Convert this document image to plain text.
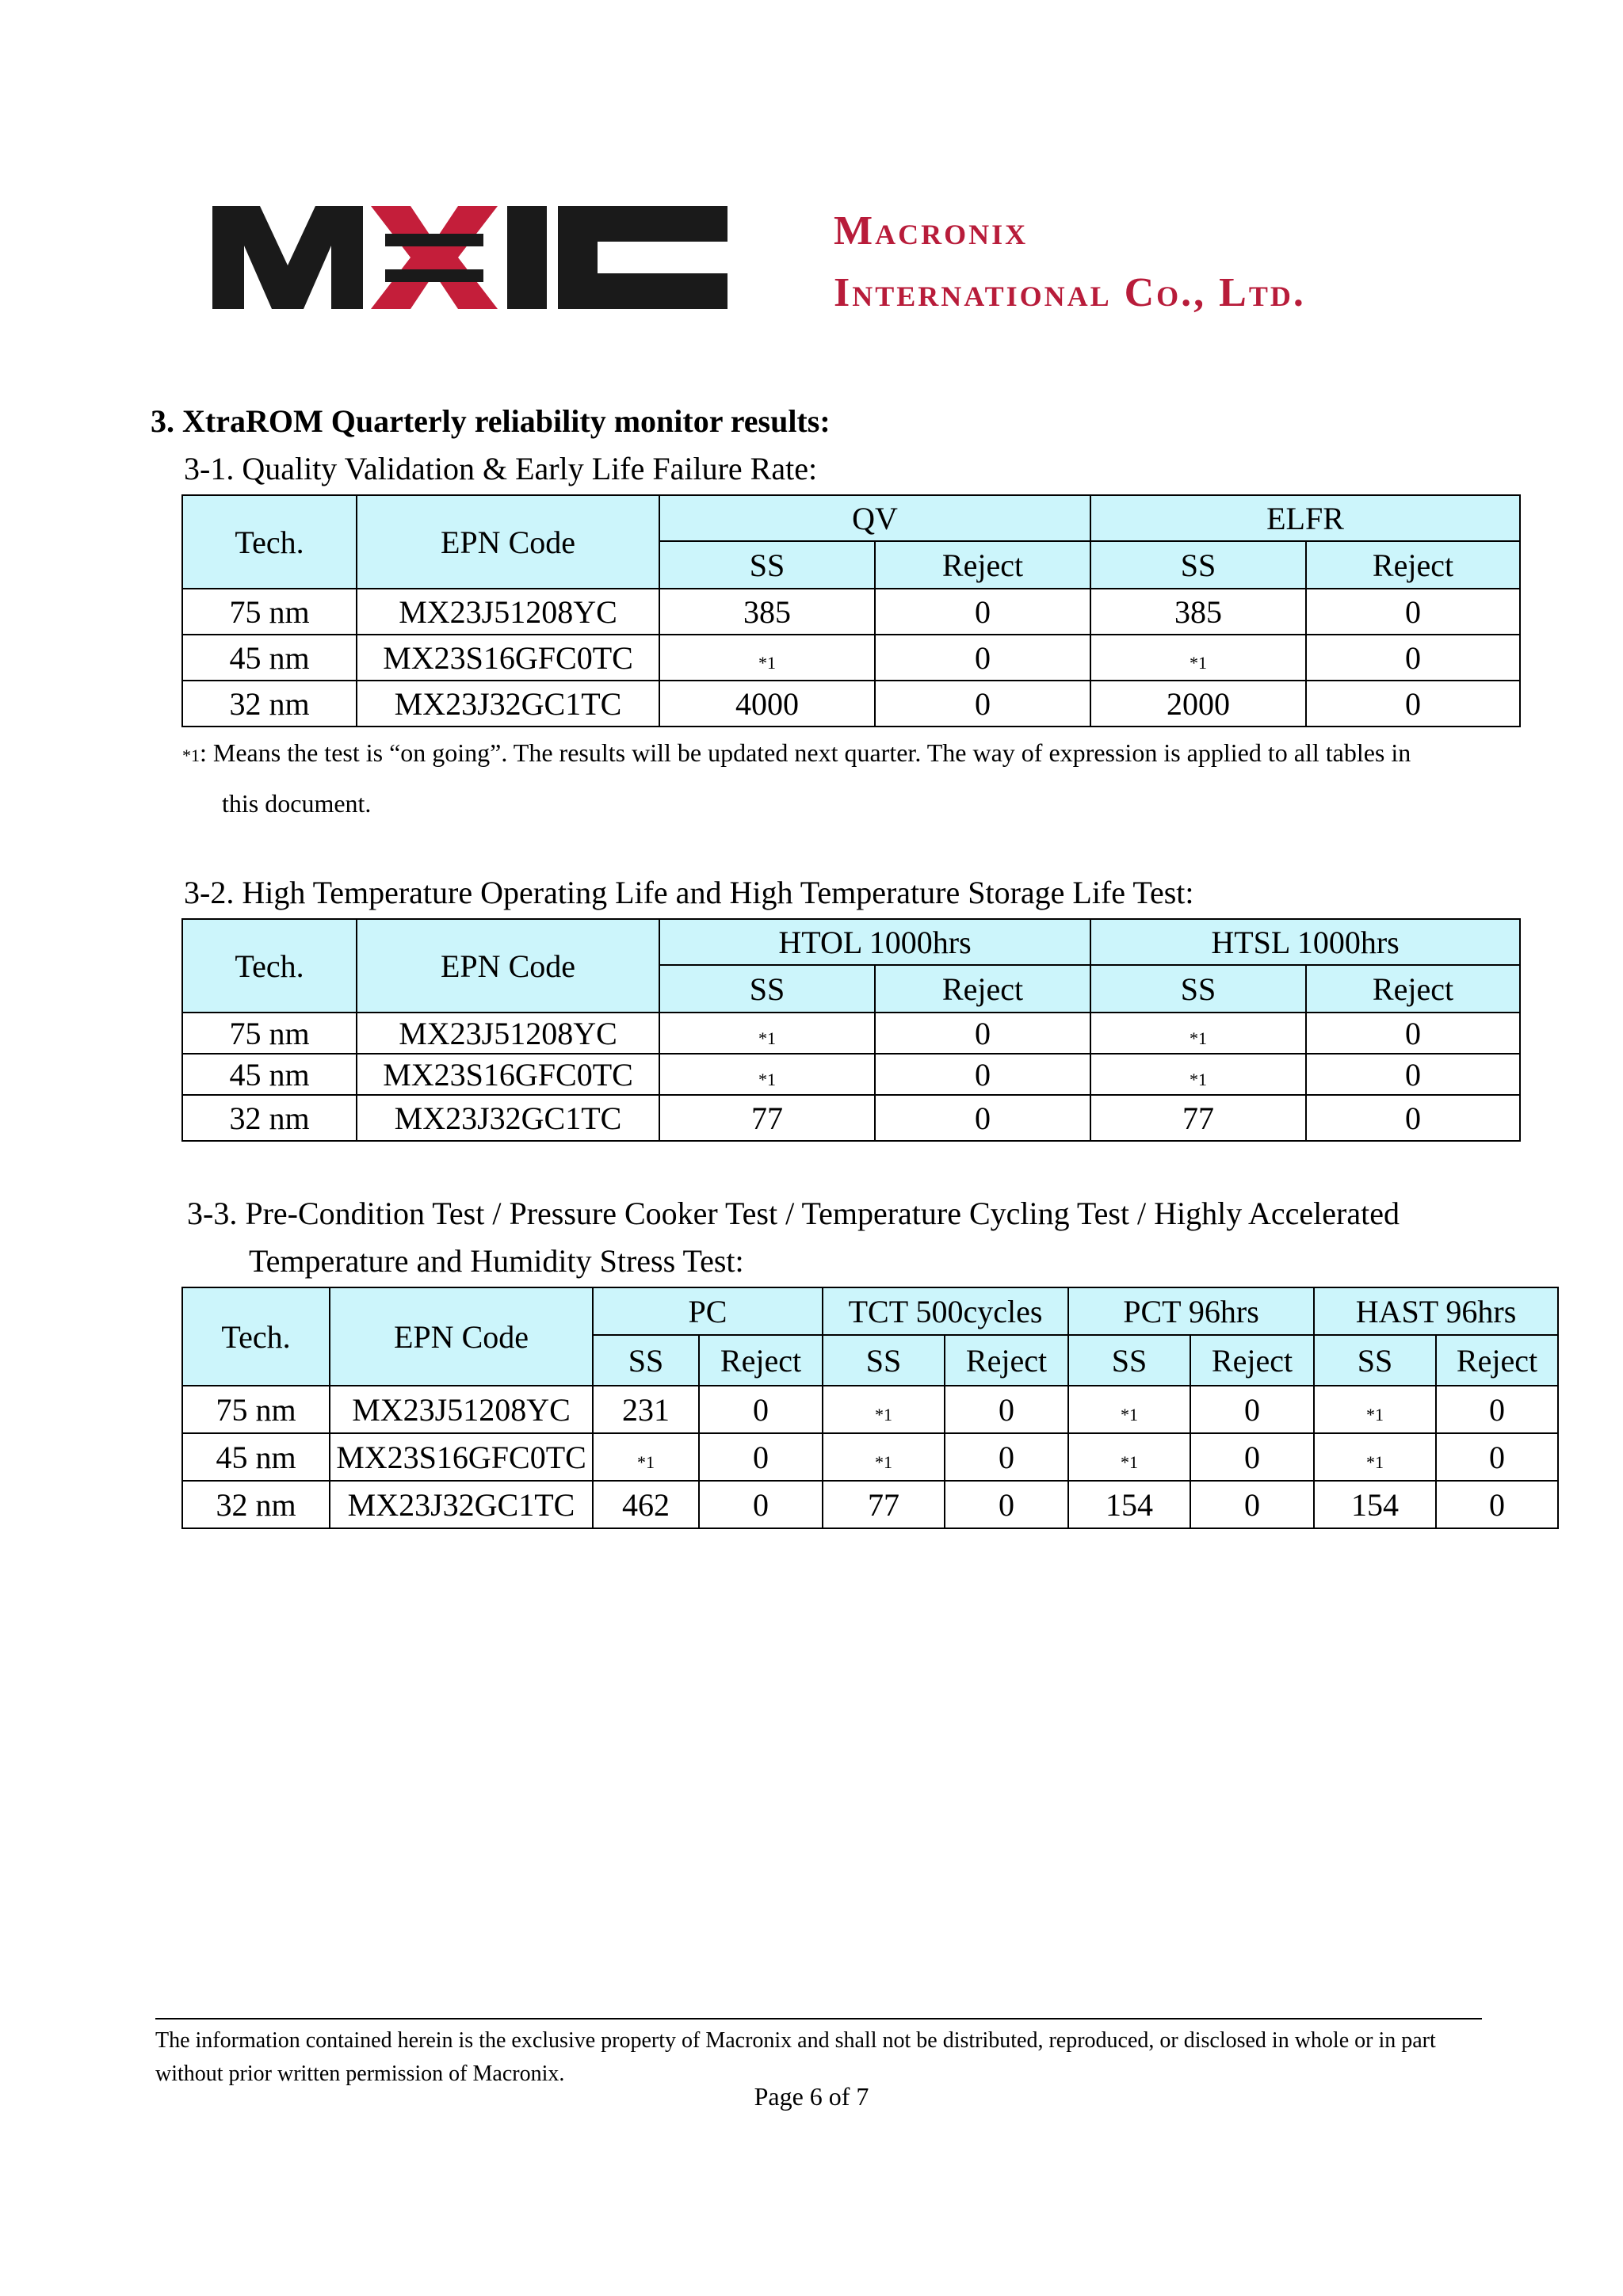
Macronix
International Co., Ltd.
3. XtraROM Quarterly reliability monitor results:
3-1. Quality Validation & Early Life Failure Rate:
Tech.	EPN Code	QV		ELFR	
		SS	Reject	SS	Reject
75 nm	MX23J51208YC	385	0	385	0
45 nm	MX23S16GFC0TC	*1	0	*1	0
32 nm	MX23J32GC1TC	4000	0	2000	0
*1: Means the test is “on going”. The results will be updated next quarter. The way of expression is applied to all tables in
this document.
3-2. High Temperature Operating Life and High Temperature Storage Life Test:
Tech.	EPN Code	HTOL 1000hrs		HTSL 1000hrs	
		SS	Reject	SS	Reject
75 nm	MX23J51208YC	*1	0	*1	0
45 nm	MX23S16GFC0TC	*1	0	*1	0
32 nm	MX23J32GC1TC	77	0	77	0
3-3. Pre-Condition Test / Pressure Cooker Test / Temperature Cycling Test / Highly Accelerated
Temperature and Humidity Stress Test:
Tech.	EPN Code	PC		TCT 500cycles		PCT 96hrs		HAST 96hrs	
		SS	Reject	SS	Reject	SS	Reject	SS	Reject
75 nm	MX23J51208YC	231	0	*1	0	*1	0	*1	0
45 nm	MX23S16GFC0TC	*1	0	*1	0	*1	0	*1	0
32 nm	MX23J32GC1TC	462	0	77	0	154	0	154	0
The information contained herein is the exclusive property of Macronix and shall not be distributed, reproduced, or disclosed in whole or in part
without prior written permission of Macronix.
Page 6 of 7
